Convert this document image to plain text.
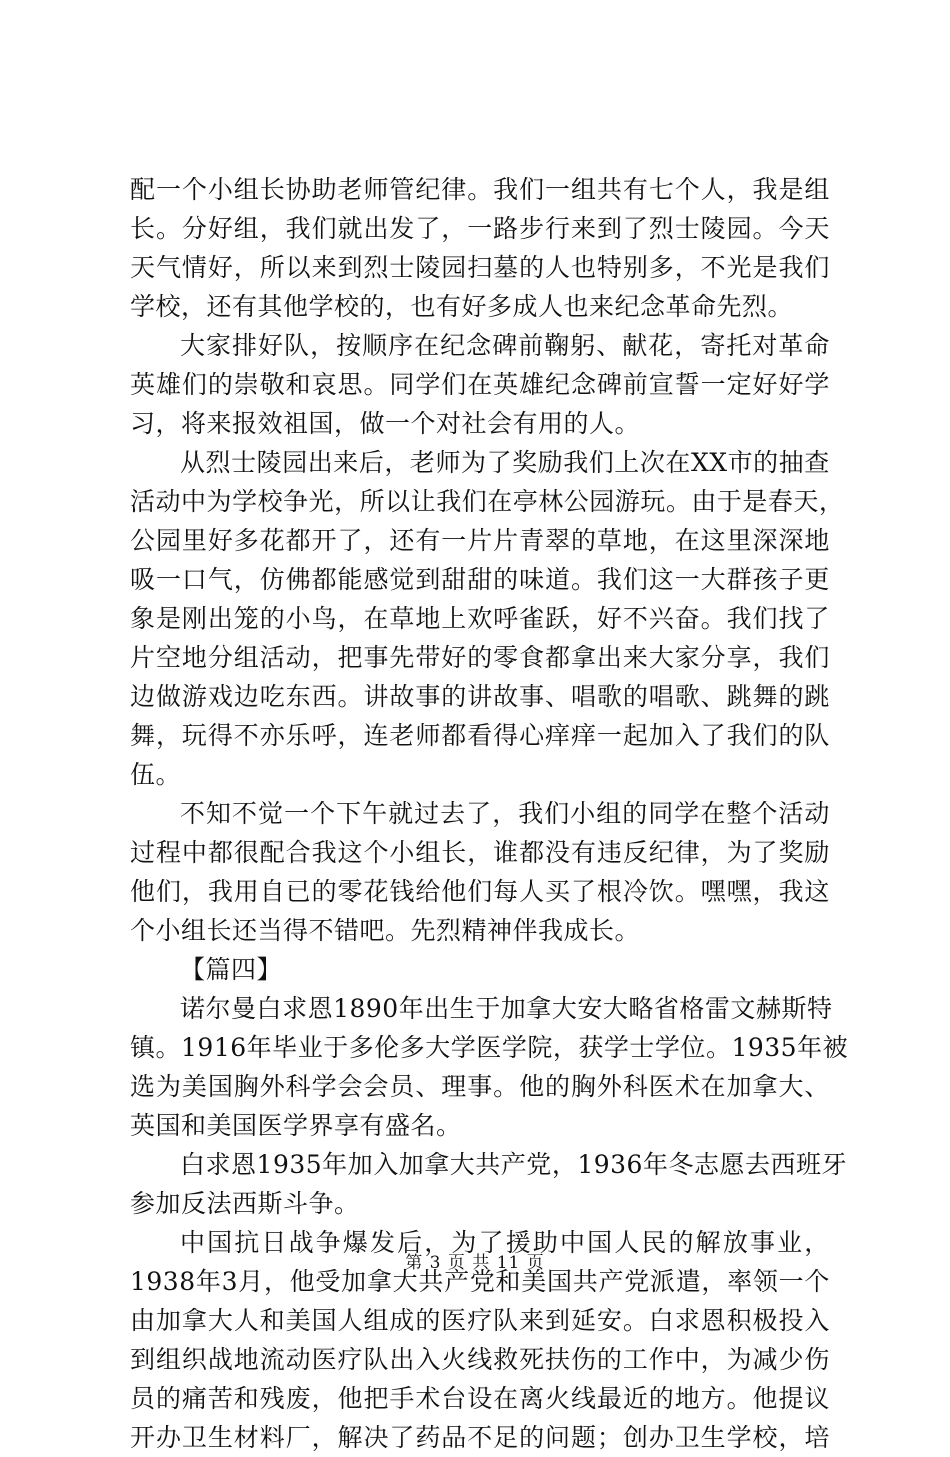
配 一 个 小 组 长 协 助 老 师 管 纪 律 。 我 们 一 组 共 有 七 个 人 ， 我 是 组
长 。 分 好 组 ， 我 们 就 出 发 了 ， 一 路 步 行 来 到 了 烈 士 陵 园 。 今 天
天 气 情 好 ， 所 以 来 到 烈 士 陵 园 扫 墓 的 人 也 特 别 多 ， 不 光 是 我 们
学校，还有其他学校的，也有好多成人也来纪念革命先烈。
大 家 排 好 队 ， 按 顺 序 在 纪 念 碑 前 鞠 躬 、 献 花 ， 寄 托 对 革 命
英 雄 们 的 崇 敬 和 哀 思 。 同 学 们 在 英 雄 纪 念 碑 前 宣 誓 一 定 好 好 学
习，将来报效祖国，做一个对社会有用的人。
从 烈 士 陵 园 出 来 后 ， 老 师 为 了 奖 励 我 们 上 次 在 XX 市 的 抽 查
活 动 中 为 学 校 争 光 ， 所 以 让 我 们 在 亭 林 公 园 游 玩 。 由 于 是 春 天 ，
公 园 里 好 多 花 都 开 了 ， 还 有 一 片 片 青 翠 的 草 地 ， 在 这 里 深 深 地
吸 一 口 气 ， 仿 佛 都 能 感 觉 到 甜 甜 的 味 道 。 我 们 这 一 大 群 孩 子 更
象 是 刚 出 笼 的 小 鸟 ， 在 草 地 上 欢 呼 雀 跃 ， 好 不 兴 奋 。 我 们 找 了
片 空 地 分 组 活 动 ， 把 事 先 带 好 的 零 食 都 拿 出 来 大 家 分 享 ， 我 们
边 做 游 戏 边 吃 东 西 。 讲 故 事 的 讲 故 事 、 唱 歌 的 唱 歌 、 跳 舞 的 跳
舞 ， 玩 得 不 亦 乐 呼 ， 连 老 师 都 看 得 心 痒 痒 一 起 加 入 了 我 们 的 队
伍。
不 知 不 觉 一 个 下 午 就 过 去 了 ， 我 们 小 组 的 同 学 在 整 个 活 动
过 程 中 都 很 配 合 我 这 个 小 组 长 ， 谁 都 没 有 违 反 纪 律 ， 为 了 奖 励
他 们 ， 我 用 自 已 的 零 花 钱 给 他 们 每 人 买 了 根 冷 饮 。 嘿 嘿 ， 我 这
个小组长还当得不错吧。先烈精神伴我成长。
【篇四】
诺 尔 曼 白 求 恩 1890 年 出 生 于 加 拿 大 安 大 略 省 格 雷 文 赫 斯 特
镇 。 1916 年 毕 业 于 多 伦 多 大 学 医 学 院 ， 获 学 士 学 位 。 1935 年 被
选 为 美 国 胸 外 科 学 会 会 员 、 理 事 。 他 的 胸 外 科 医 术 在 加 拿 大 、
英国和美国医学界享有盛名。
白 求 恩 1935 年 加 入 加 拿 大 共 产 党 ， 1936 年 冬 志 愿 去 西 班 牙
参加反法西斯斗争。
中 国 抗 日 战 争 爆 发 后 ， 为 了 援 助 中 国 人 民 的 解 放 事 业 ，
1938 年 3 月 ， 他 受 加 拿 大 共 产 党 和 美 国 共 产 党 派 遣 ， 率 领 一 个
由 加 拿 大 人 和 美 国 人 组 成 的 医 疗 队 来 到 延 安 。 白 求 恩 积 极 投 入
到 组 织 战 地 流 动 医 疗 队 出 入 火 线 救 死 扶 伤 的 工 作 中 ， 为 减 少 伤
员 的 痛 苦 和 残 废 ， 他 把 手 术 台 设 在 离 火 线 最 近 的 地 方 。 他 提 议
开 办 卫 生 材 料 厂 ， 解 决 了 药 品 不 足 的 问 题 ； 创 办 卫 生 学 校 ， 培
第 3 页 共 11 页
